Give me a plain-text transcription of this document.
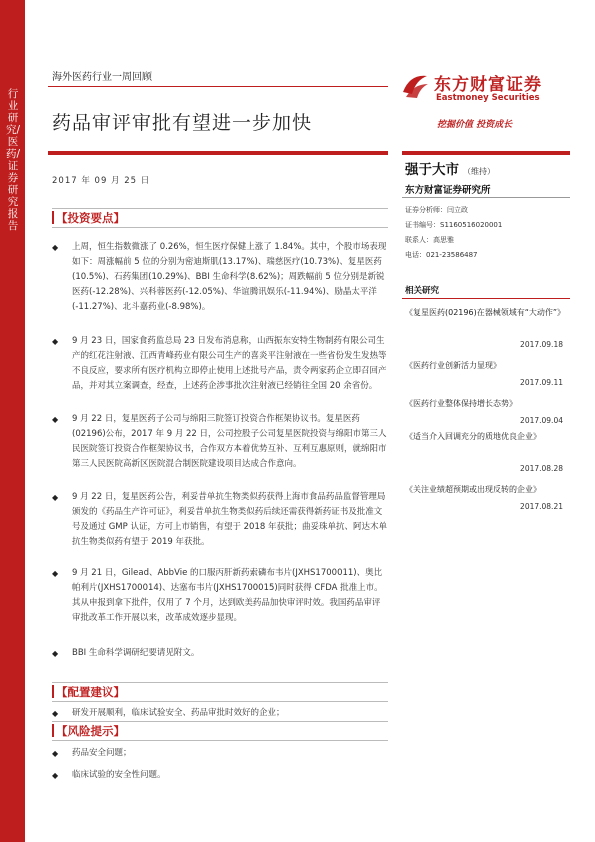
行业研究/医药/证券研究报告
海外医药行业一周回顾
药品审评审批有望进一步加快
2017 年 09 月 25 日
东方财富证券
Eastmoney Securities
挖掘价值 投资成长
强于大市 （维持）
东方财富证券研究所
证券分析师：闫立政
证书编号：S1160516020001
联系人：高思雅
电话：021-23586487
相关研究
《复星医药(02196)在器械领域有“大动作”》
2017.09.18
《医药行业创新活力显现》
2017.09.11
《医药行业整体保持增长态势》
2017.09.04
《适当介入回调充分的质地优良企业》
2017.08.28
《关注业绩超预期或出现反转的企业》
2017.08.21
【投资要点】
◆ 上周，恒生指数微涨了 0.26%，恒生医疗保健上涨了 1.84%。其中，个股市场表现如下：周涨幅前 5 位的分别为密迪斯肌(13.17%)、瑞慈医疗(10.73%)、复星医药(10.5%)、石药集团(10.29%)、BBI 生命科学(8.62%)；周跌幅前 5 位分别是新锐医药(-12.28%)、兴科蓉医药(-12.05%)、华谊腾讯娱乐(-11.94%)、励晶太平洋(-11.27%)、北斗嘉药业(-8.98%)。
◆ 9 月 23 日，国家食药监总局 23 日发布消息称，山西振东安特生物制药有限公司生产的红花注射液、江西青峰药业有限公司生产的喜炎平注射液在一些省份发生发热等不良反应，要求所有医疗机构立即停止使用上述批号产品，责令两家药企立即召回产品，并对其立案调查，经查，上述药企涉事批次注射液已经销往全国 20 余省份。
◆ 9 月 22 日，复星医药子公司与绵阳三院签订投资合作框架协议书。复星医药(02196)公布，2017 年 9 月 22 日，公司控股子公司复星医院投资与绵阳市第三人民医院签订投资合作框架协议书，合作双方本着优势互补、互利互惠原则，就绵阳市第三人民医院高新区医院混合制医院建设项目达成合作意向。
◆ 9 月 22 日，复星医药公告，利妥昔单抗生物类似药获得上海市食品药品监督管理局颁发的《药品生产许可证》，利妥昔单抗生物类似药后续还需获得新药证书及批准文号及通过 GMP 认证，方可上市销售，有望于 2018 年获批；曲妥珠单抗、阿达木单抗生物类似药有望于 2019 年获批。
◆ 9 月 21 日，Gilead、AbbVie 的口服丙肝新药索磷布韦片(JXHS1700011)、奥比帕利片(JXHS1700014)、达塞布韦片(JXHS1700015)同时获得 CFDA 批准上市。其从申报到拿下批件，仅用了 7 个月，达到欧美药品加快审评时效。我国药品审评审批改革工作开展以来，改革成效逐步显现。
◆ BBI 生命科学调研纪要请见附文。
【配置建议】
◆ 研发开展顺利，临床试验安全、药品审批时效好的企业；
【风险提示】
◆ 药品安全问题；
◆ 临床试验的安全性问题。
